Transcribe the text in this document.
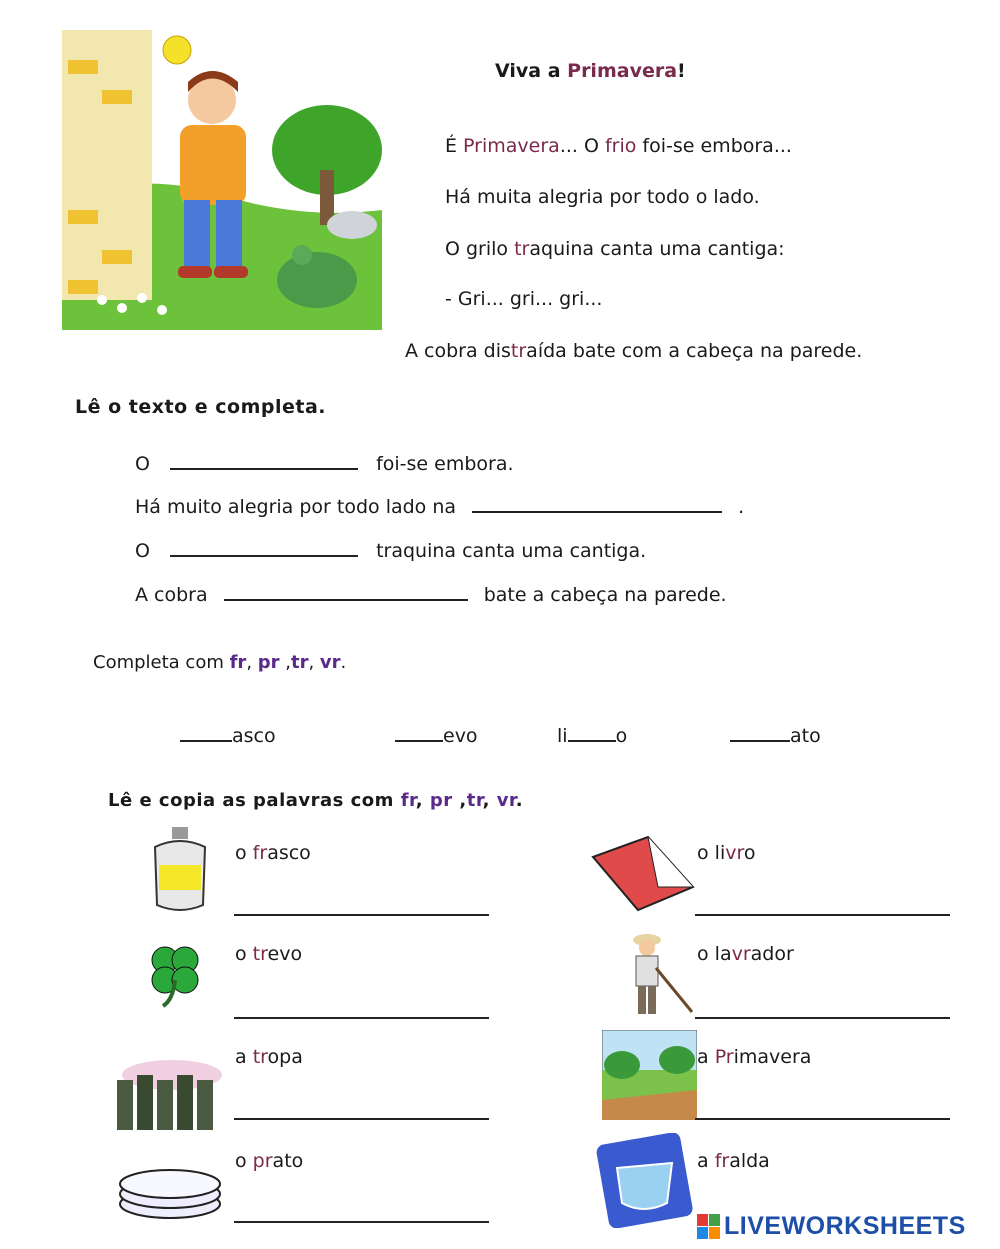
Viva a Primavera!
É Primavera... O frio foi-se embora...
Há muita alegria por todo o lado.
O grilo traquina canta uma cantiga:
- Gri... gri... gri...
A cobra distraída bate com a cabeça na parede.
Lê o texto e completa.
O	foi-se embora.
Há muito alegria por todo lado na	.
O	traquina canta uma cantiga.
A cobra	bate a cabeça na parede.
Completa com fr, pr ,tr, vr.
asco	evo	li	o	ato
Lê e copia as palavras com fr, pr ,tr, vr.
o frasco
o trevo
a tropa
o prato
o livro
o lavrador
a Primavera
a fralda
LIVEWORKSHEETS
